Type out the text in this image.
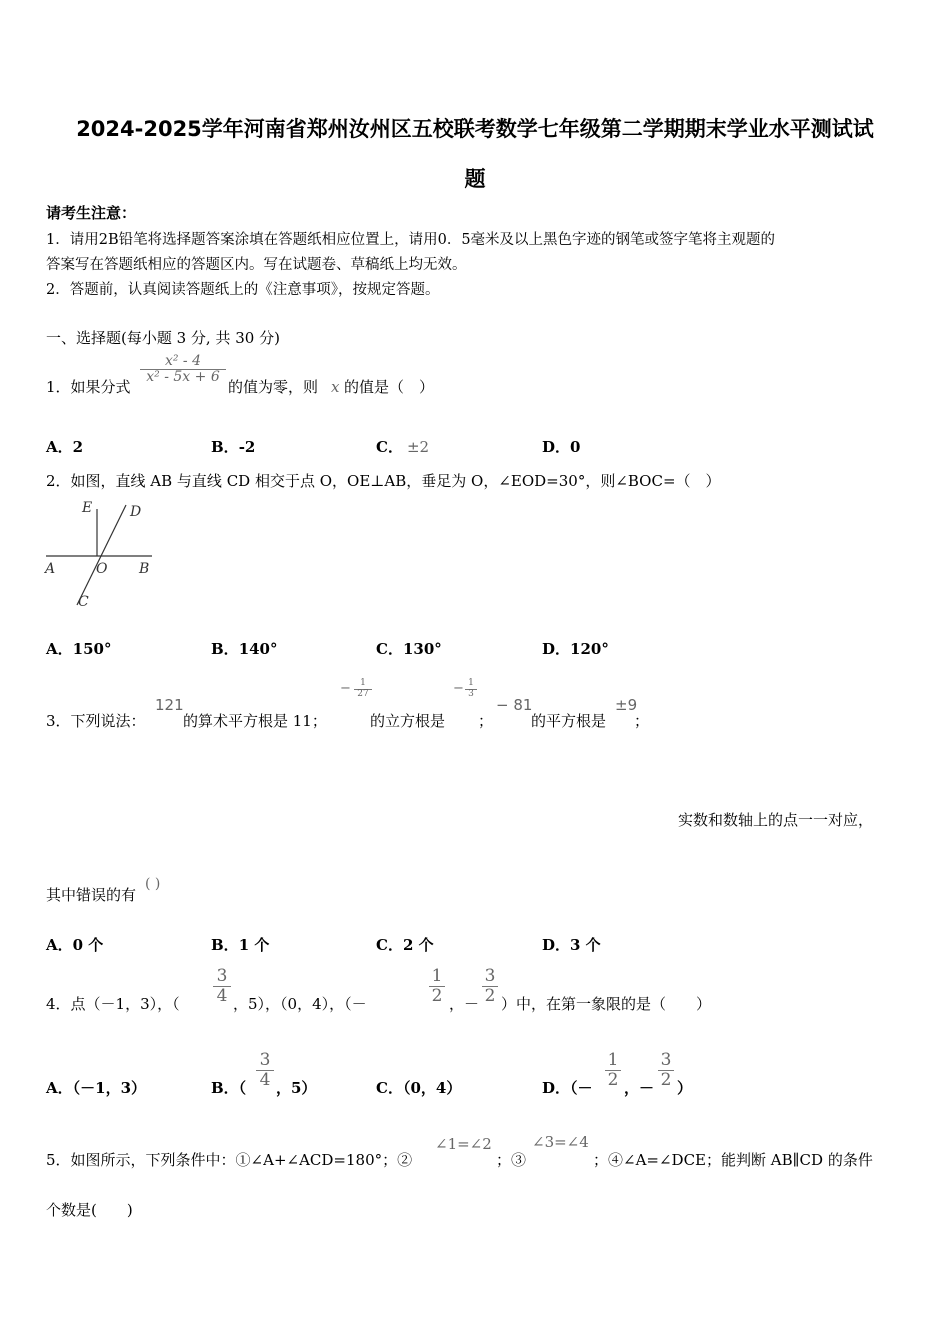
2024-2025学年河南省郑州汝州区五校联考数学七年级第二学期期末学业水平测试试
题
请考生注意：
1．请用2B铅笔将选择题答案涂填在答题纸相应位置上，请用0．5毫米及以上黑色字迹的钢笔或签字笔将主观题的
答案写在答题纸相应的答题区内。写在试题卷、草稿纸上均无效。
2．答题前，认真阅读答题纸上的《注意事项》，按规定答题。
一、选择题(每小题 3 分, 共 30 分)
1．如果分式
x² - 4
x² - 5x + 6
的值为零，则 x 的值是（　）
A．2	B．-2	C． ±2	D．0
2．如图，直线 AB 与直线 CD 相交于点 O，OE⊥AB，垂足为 O，∠EOD=30°，则∠BOC=（　）
E	D
A	O B
C
A．150°	B．140°	C．130°	D．120°
3．下列说法：
121
的算术平方根是 11；
−	1
27
的立方根是
− 1
3
；
− 81
的平方根是
±9
；
实数和数轴上的点一一对应，
其中错误的有
( )
A．0 个	B．1 个	C．2 个	D．3 个
4．点（－1，3），（
3
4 ，5），（0，4），（－
1
2 ，－
3
2 ）中，在第一象限的是（　　）
A．（－1，3）	B．（
3
4 ，5）	C．（0，4）	D．（－
1
2 ，－
3
2 ）
5．如图所示，下列条件中：①∠A+∠ACD=180°；②
∠1=∠2
；③
∠3=∠4
；④∠A=∠DCE；能判断 AB∥CD 的条件
个数是(　　)
